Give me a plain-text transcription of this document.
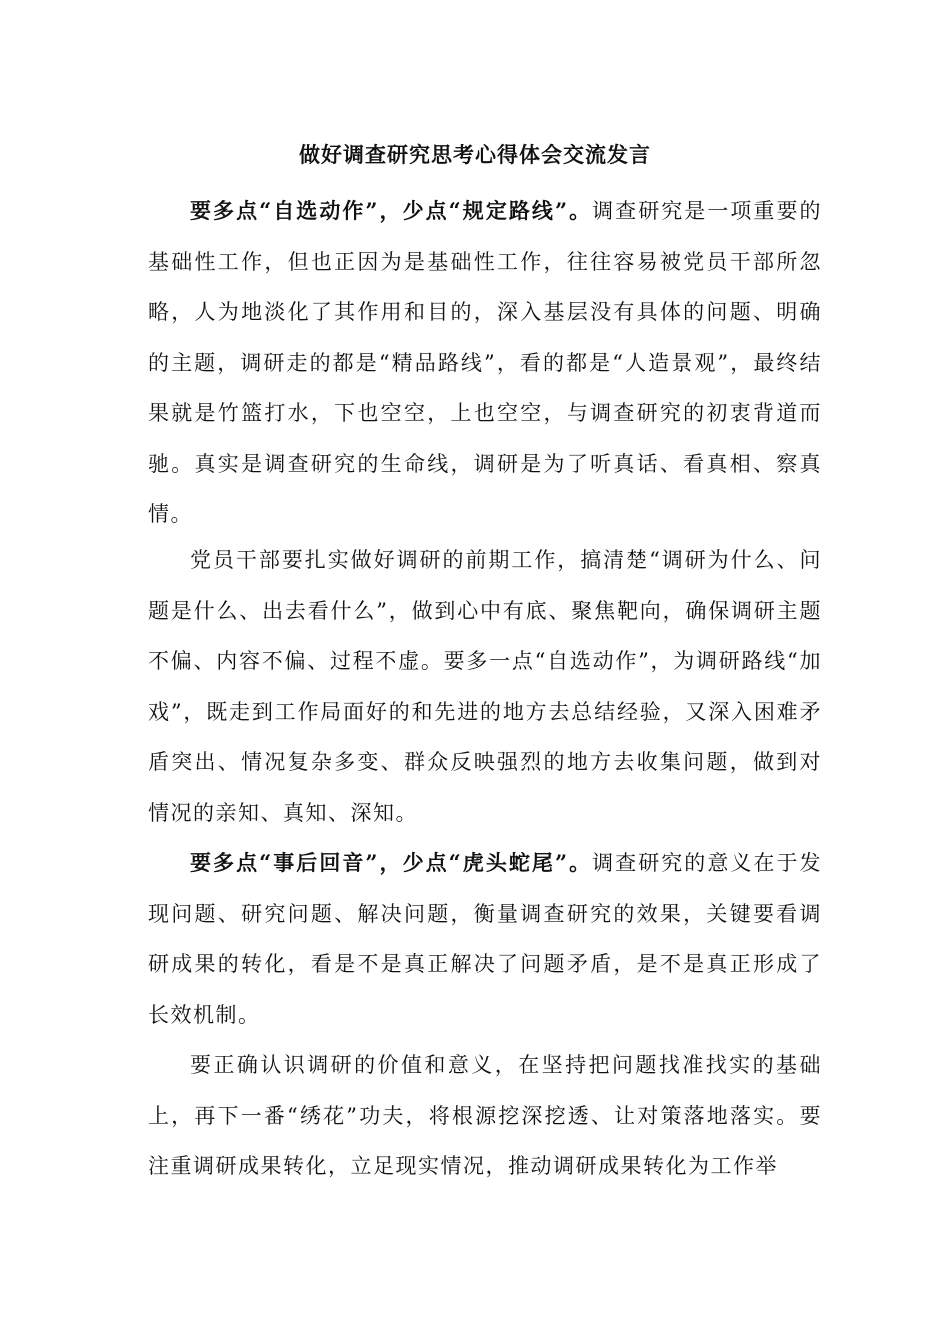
做好调查研究思考心得体会交流发言

要多点“自选动作”，少点“规定路线”。调查研究是一项重要的基础性工作，但也正因为是基础性工作，往往容易被党员干部所忽略，人为地淡化了其作用和目的，深入基层没有具体的问题、明确的主题，调研走的都是“精品路线”，看的都是“人造景观”，最终结果就是竹篮打水，下也空空，上也空空，与调查研究的初衷背道而驰。真实是调查研究的生命线，调研是为了听真话、看真相、察真情。

党员干部要扎实做好调研的前期工作，搞清楚“调研为什么、问题是什么、出去看什么”，做到心中有底、聚焦靶向，确保调研主题不偏、内容不偏、过程不虚。要多一点“自选动作”，为调研路线“加戏”，既走到工作局面好的和先进的地方去总结经验，又深入困难矛盾突出、情况复杂多变、群众反映强烈的地方去收集问题，做到对情况的亲知、真知、深知。

要多点“事后回音”，少点“虎头蛇尾”。调查研究的意义在于发现问题、研究问题、解决问题，衡量调查研究的效果，关键要看调研成果的转化，看是不是真正解决了问题矛盾，是不是真正形成了长效机制。

要正确认识调研的价值和意义，在坚持把问题找准找实的基础上，再下一番“绣花”功夫，将根源挖深挖透、让对策落地落实。要注重调研成果转化，立足现实情况，推动调研成果转化为工作举
